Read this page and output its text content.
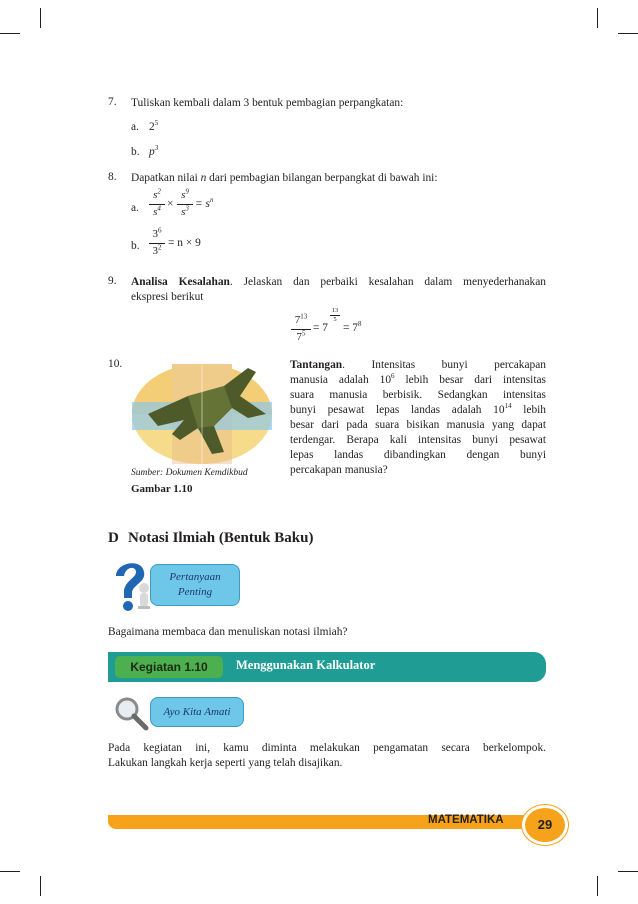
7. Tuliskan kembali dalam 3 bentuk pembagian perpangkatan:
a. $2^5$
b. $p^3$
8. Dapatkan nilai n dari pembagian bilangan berpangkat di bawah ini:
a.
$s^2$
$s^4$ ×
$s^9$
$s^3 = s^n$
b.
$3^6$
$3^2 = n \times 9$
9. Analisa Kesalahan. Jelaskan dan perbaiki kesalahan dalam menyederhanakan
ekspresi berikut
$7^{13}$
$7^5 = 7$
13
5
= $7^8$
10.
Sumber: Dokumen Kemdikbud
Gambar 1.10
Tantangan. Intensitas bunyi percakapan
manusia adalah $10^6$ lebih besar dari intensitas
suara manusia berbisik. Sedangkan intensitas
bunyi pesawat lepas landas adalah $10^{14}$ lebih
besar dari pada suara bisikan manusia yang dapat
terdengar. Berapa kali intensitas bunyi pesawat
lepas landas dibandingkan dengan bunyi
percakapan manusia?
D Notasi Ilmiah (Bentuk Baku)
Pertanyaan
Penting
Bagaimana membaca dan menuliskan notasi ilmiah?
Kegiatan 1.10	Menggunakan Kalkulator
Ayo Kita Amati
Pada kegiatan ini, kamu diminta melakukan pengamatan secara berkelompok.
Lakukan langkah kerja seperti yang telah disajikan.
MATEMATIKA	29
